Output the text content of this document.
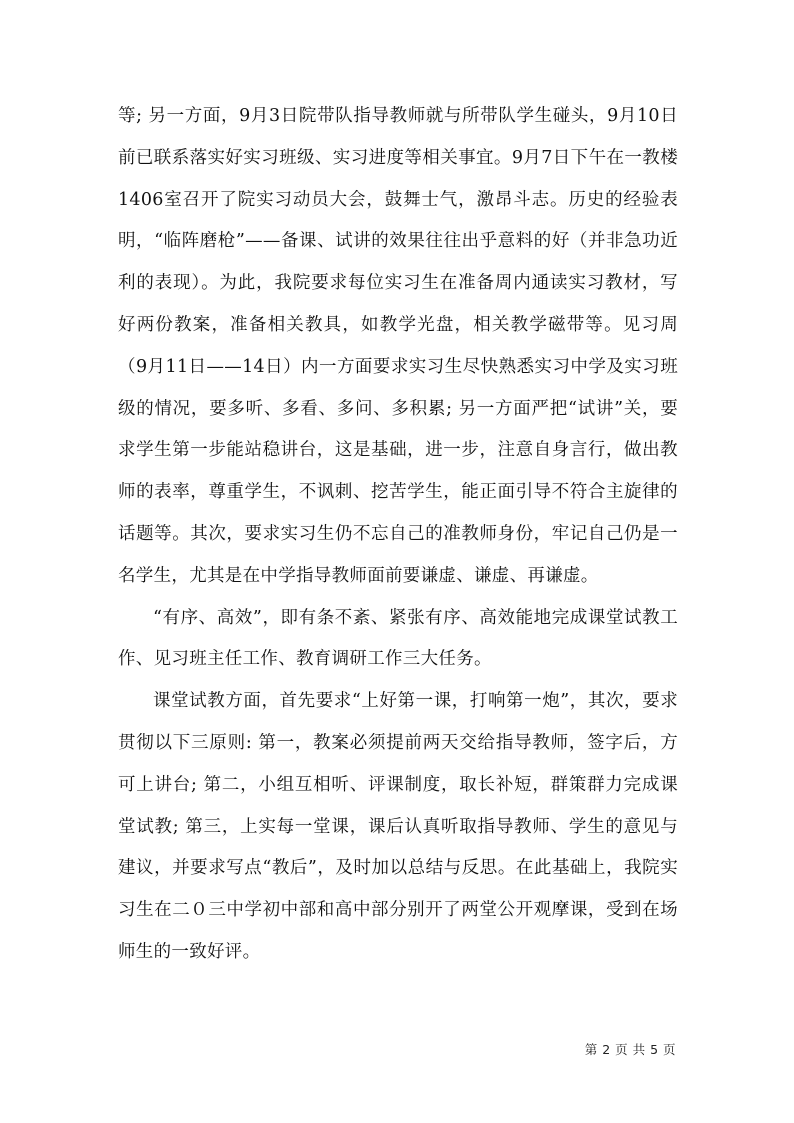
等; 另一方面，9月3日院带队指导教师就与所带队学生碰头，9月10日前已联系落实好实习班级、实习进度等相关事宜。9月7日下午在一教楼1406室召开了院实习动员大会，鼓舞士气，激昂斗志。历史的经验表明，“临阵磨枪”——备课、试讲的效果往往出乎意料的好（并非急功近利的表现）。为此，我院要求每位实习生在准备周内通读实习教材，写好两份教案，准备相关教具，如教学光盘，相关教学磁带等。见习周（9月11日——14日）内一方面要求实习生尽快熟悉实习中学及实习班级的情况，要多听、多看、多问、多积累; 另一方面严把“试讲”关，要求学生第一步能站稳讲台，这是基础，进一步，注意自身言行，做出教师的表率，尊重学生，不讽刺、挖苦学生，能正面引导不符合主旋律的话题等。其次，要求实习生仍不忘自己的准教师身份，牢记自己仍是一名学生，尤其是在中学指导教师面前要谦虚、谦虚、再谦虚。

“有序、高效”，即有条不紊、紧张有序、高效能地完成课堂试教工作、见习班主任工作、教育调研工作三大任务。

课堂试教方面，首先要求“上好第一课，打响第一炮”，其次，要求贯彻以下三原则: 第一，教案必须提前两天交给指导教师，签字后，方可上讲台; 第二，小组互相听、评课制度，取长补短，群策群力完成课堂试教; 第三，上实每一堂课，课后认真听取指导教师、学生的意见与建议，并要求写点“教后”，及时加以总结与反思。在此基础上，我院实习生在二０三中学初中部和高中部分别开了两堂公开观摩课，受到在场师生的一致好评。

第 2 页 共 5 页
